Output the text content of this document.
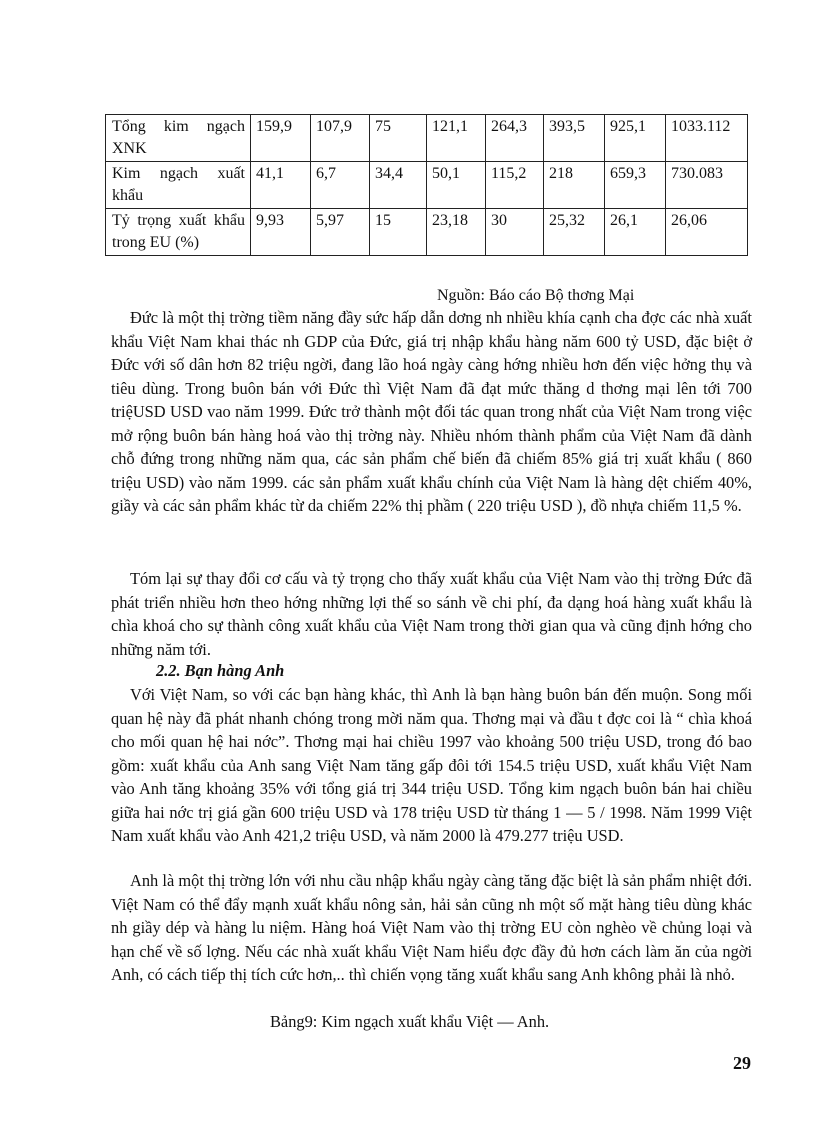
Tổng kim ngạch XNK	159,9	107,9	75	121,1	264,3	393,5	925,1	1033.112
Kim ngạch xuất khẩu	41,1	6,7	34,4	50,1	115,2	218	659,3	730.083
Tỷ trọng xuất khẩu trong EU (%)	9,93	5,97	15	23,18	30	25,32	26,1	26,06
Nguồn: Báo cáo Bộ thơng Mại

Đức là một thị trờng tiềm năng đầy sức hấp dẫn dơng nh nhiều khía cạnh cha đợc các nhà xuất khẩu Việt Nam khai thác nh GDP của Đức, giá trị nhập khẩu hàng năm 600 tỷ USD, đặc biệt ở Đức với số dân hơn 82 triệu ngời, đang lão hoá ngày càng hớng nhiều hơn đến việc hởng thụ và tiêu dùng. Trong buôn bán với Đức thì Việt Nam đã đạt mức thăng d thơng mại lên tới 700 triệUSD USD vao năm 1999. Đức trở thành một đối tác quan trong nhất của Việt Nam trong việc mở rộng buôn bán hàng hoá vào thị trờng này. Nhiều nhóm thành phẩm của Việt Nam đã dành chỗ đứng trong những năm qua, các sản phẩm chế biến đã chiếm 85% giá trị xuất khẩu ( 860 triệu USD) vào năm 1999. các sản phẩm xuất khẩu chính của Việt Nam là hàng dệt chiếm 40%, giầy và các sản phẩm khác từ da chiếm 22% thị phầm ( 220 triệu USD ), đồ nhựa chiếm 11,5 %.

Tóm lại sự thay đổi cơ cấu và tỷ trọng cho thấy xuất khẩu của Việt Nam vào thị trờng Đức đã phát triển nhiều hơn theo hớng những lợi thế so sánh về chi phí, đa dạng hoá hàng xuất khẩu là chìa khoá cho sự thành công xuất khẩu của Việt Nam trong thời gian qua và cũng định hớng cho những năm tới.

2.2. Bạn hàng Anh

Với Việt Nam, so với các bạn hàng khác, thì Anh là bạn hàng buôn bán đến muộn. Song mối quan hệ này đã phát nhanh chóng trong mời năm qua. Thơng mại và đầu t đợc coi là “ chìa khoá cho mối quan hệ hai nớc”. Thơng mại hai chiều 1997 vào khoảng 500 triệu USD, trong đó bao gồm: xuất khẩu của Anh sang Việt Nam tăng gấp đôi tới 154.5 triệu USD, xuất khẩu Việt Nam vào Anh tăng khoảng 35% với tổng giá trị 344 triệu USD. Tổng kim ngạch buôn bán hai chiều giữa hai nớc trị giá gần 600 triệu USD và 178 triệu USD từ tháng 1 — 5 / 1998. Năm 1999 Việt Nam xuất khẩu vào Anh 421,2 triệu USD, và năm 2000 là 479.277 triệu USD.

Anh là một thị trờng lớn với nhu cầu nhập khẩu ngày càng tăng đặc biệt là sản phẩm nhiệt đới. Việt Nam có thể đẩy mạnh xuất khẩu nông sản, hải sản cũng nh một số mặt hàng tiêu dùng khác nh giầy dép và hàng lu niệm. Hàng hoá Việt Nam vào thị trờng EU còn nghèo về chủng loại và hạn chế về số lợng. Nếu các nhà xuất khẩu Việt Nam hiểu đợc đầy đủ hơn cách làm ăn của ngời Anh, có cách tiếp thị tích cức hơn,.. thì chiến vọng tăng xuất khẩu sang Anh không phải là nhỏ.

Bảng9: Kim ngạch xuất khẩu Việt — Anh.
29
